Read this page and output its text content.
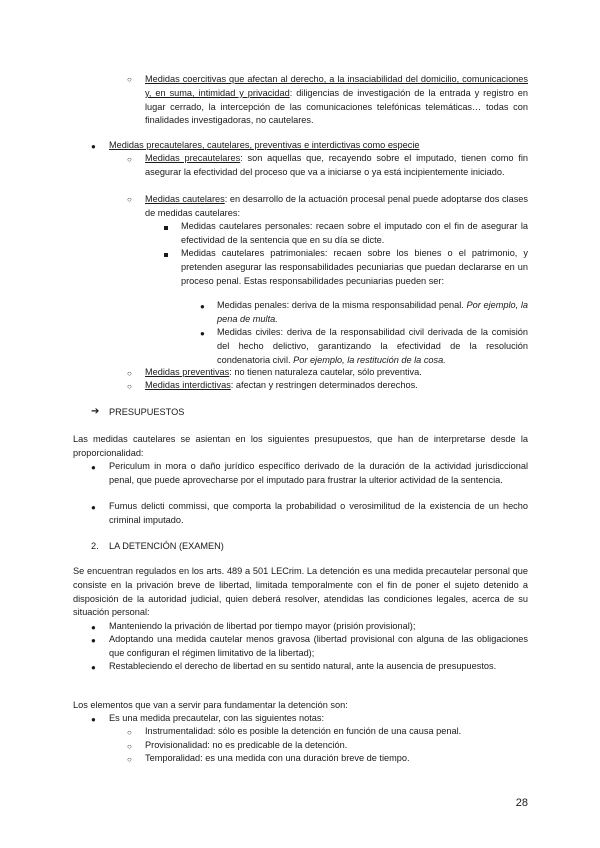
○ Medidas coercitivas que afectan al derecho, a la insaciabilidad del domicilio, comunicaciones y, en suma, intimidad y privacidad: diligencias de investigación de la entrada y registro en lugar cerrado, la intercepción de las comunicaciones telefónicas telemáticas… todas con finalidades investigadoras, no cautelares.

● Medidas precautelares, cautelares, preventivas e interdictivas como especie

○ Medidas precautelares: son aquellas que, recayendo sobre el imputado, tienen como fin asegurar la efectividad del proceso que va a iniciarse o ya está incipientemente iniciado.

○ Medidas cautelares: en desarrollo de la actuación procesal penal puede adoptarse dos clases de medidas cautelares:

Medidas cautelares personales: recaen sobre el imputado con el fin de asegurar la efectividad de la sentencia que en su día se dicte.

Medidas cautelares patrimoniales: recaen sobre los bienes o el patrimonio, y pretenden asegurar las responsabilidades pecuniarias que puedan declararse en un proceso penal. Estas responsabilidades pecuniarias pueden ser:

● Medidas penales: deriva de la misma responsabilidad penal. Por ejemplo, la pena de multa.

● Medidas civiles: deriva de la responsabilidad civil derivada de la comisión del hecho delictivo, garantizando la efectividad de la resolución condenatoria civil. Por ejemplo, la restitución de la cosa.

○ Medidas preventivas: no tienen naturaleza cautelar, sólo preventiva.

○ Medidas interdictivas: afectan y restringen determinados derechos.

➔ PRESUPUESTOS

Las medidas cautelares se asientan en los siguientes presupuestos, que han de interpretarse desde la proporcionalidad:

● Periculum in mora o daño jurídico específico derivado de la duración de la actividad jurisdiccional penal, que puede aprovecharse por el imputado para frustrar la ulterior actividad de la sentencia.

● Fumus delicti commissi, que comporta la probabilidad o verosimilitud de la existencia de un hecho criminal imputado.

2.	LA DETENCIÓN (EXAMEN)

Se encuentran regulados en los arts. 489 a 501 LECrim. La detención es una medida precautelar personal que consiste en la privación breve de libertad, limitada temporalmente con el fin de poner el sujeto detenido a disposición de la autoridad judicial, quien deberá resolver, atendidas las condiciones legales, acerca de su situación personal:

● Manteniendo la privación de libertad por tiempo mayor (prisión provisional);

● Adoptando una medida cautelar menos gravosa (libertad provisional con alguna de las obligaciones que configuran el régimen limitativo de la libertad);

● Restableciendo el derecho de libertad en su sentido natural, ante la ausencia de presupuestos.

Los elementos que van a servir para fundamentar la detención son:

● Es una medida precautelar, con las siguientes notas:

○ Instrumentalidad: sólo es posible la detención en función de una causa penal.

○ Provisionalidad: no es predicable de la detención.

○ Temporalidad: es una medida con una duración breve de tiempo.

28
